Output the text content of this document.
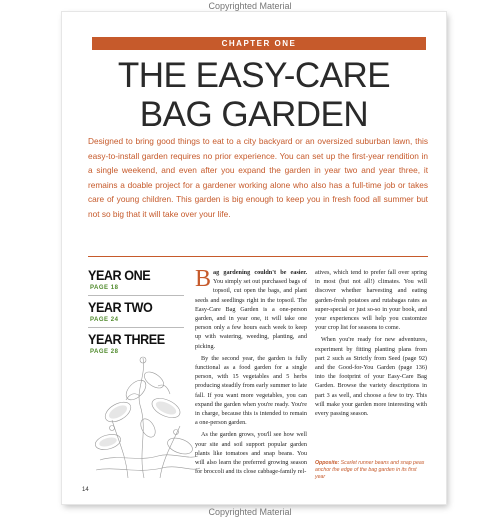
Copyrighted Material
CHAPTER ONE
THE EASY-CARE
BAG GARDEN
Designed to bring good things to eat to a city backyard or an oversized suburban lawn, this easy-to-install garden requires no prior experience. You can set up the first-year rendition in a single weekend, and even after you expand the garden in year two and year three, it remains a doable project for a gardener working alone who also has a full-time job or takes care of young children. This garden is big enough to keep you in fresh food all summer but not so big that it will take over your life.
YEAR ONE
PAGE 18
YEAR TWO
PAGE 24
YEAR THREE
PAGE 28

Bag gardening couldn't be easier. You simply set out purchased bags of topsoil, cut open the bags, and plant seeds and seedlings right in the topsoil. The Easy-Care Bag Garden is a one-person garden, and in year one, it will take one person only a few hours each week to keep up with watering, weeding, planting, and picking.

By the second year, the garden is fully functional as a food garden for a single person, with 15 vegetables and 5 herbs producing steadily from early summer to late fall. If you want more vegetables, you can expand the garden when you're ready. You're in charge, because this is intended to remain a one-person garden.

As the garden grows, you'll see how well your site and soil support popular garden plants like tomatoes and snap beans. You will also learn the preferred growing season for broccoli and its close cabbage-family rel-

atives, which tend to prefer fall over spring in most (but not all!) climates. You will discover whether harvesting and eating garden-fresh potatoes and rutabagas rates as super-special or just so-so in your book, and your experiences will help you customize your crop list for seasons to come.

When you're ready for new adventures, experiment by fitting planting plans from part 2 such as Strictly from Seed (page 92) and the Good-for-You Garden (page 136) into the footprint of your Easy-Care Bag Garden. Browse the variety descriptions in part 3 as well, and choose a few to try. This will make your garden more interesting with every passing season.

Opposite: Scarlet runner beans and snap peas anchor the edge of the bag garden in its first year
14
Copyrighted Material
